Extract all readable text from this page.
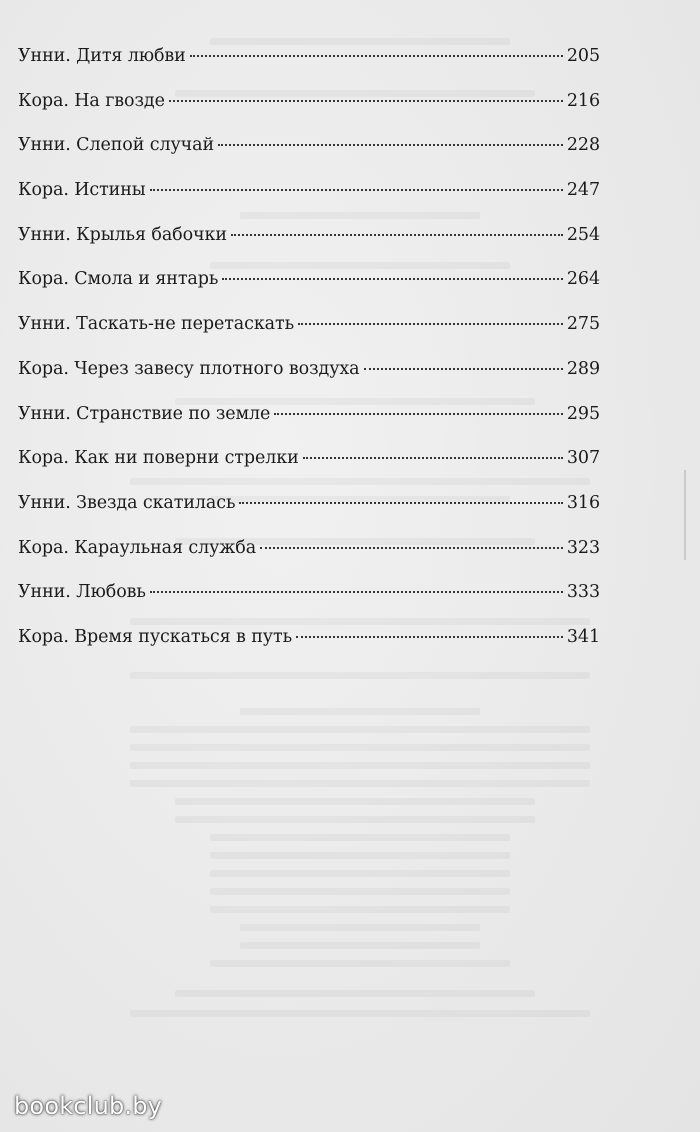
Унни. Дитя любви	205
Кора. На гвозде	216
Унни. Слепой случай	228
Кора. Истины	247
Унни. Крылья бабочки	254
Кора. Смола и янтарь	264
Унни. Таскать-не перетаскать	275
Кора. Через завесу плотного воздуха	289
Унни. Странствие по земле	295
Кора. Как ни поверни стрелки	307
Унни. Звезда скатилась	316
Кора. Караульная служба	323
Унни. Любовь	333
Кора. Время пускаться в путь	341
bookclub.by
